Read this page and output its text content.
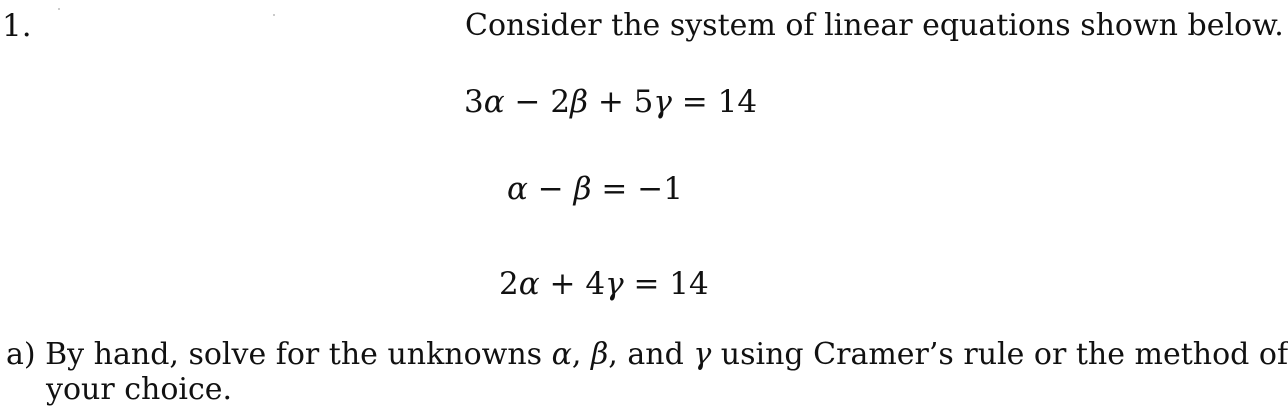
1.	Consider the system of linear equations shown below.
3α − 2β + 5γ = 14
α − β = −1
2α + 4γ = 14
a) By hand, solve for the unknowns α, β, and γ using Cramer’s rule or the method of
your choice.
